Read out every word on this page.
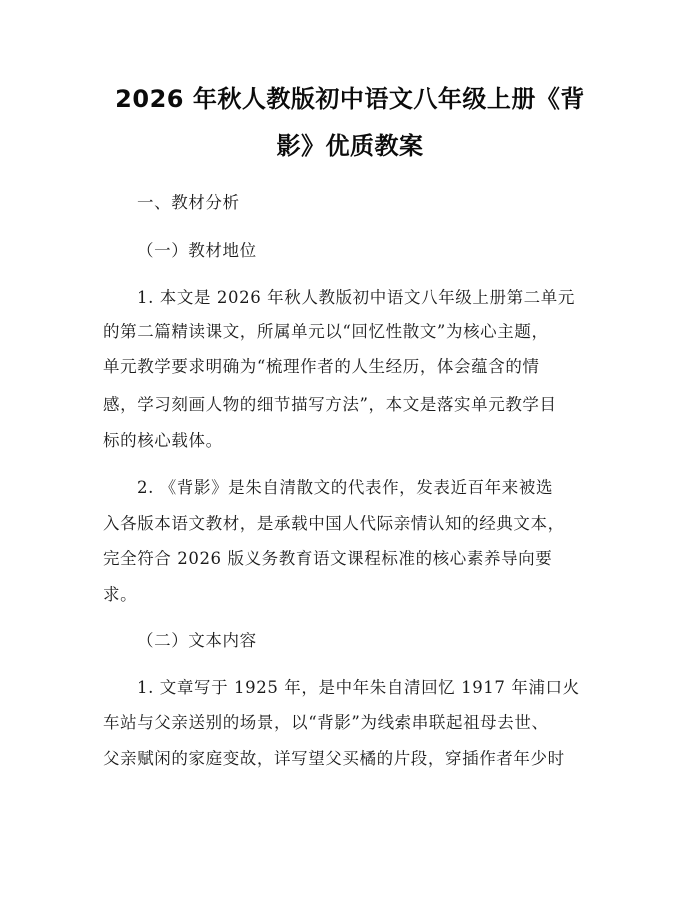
2026 年秋人教版初中语文八年级上册《背
影》优质教案
一、教材分析
（一）教材地位
1. 本文是 2026 年秋人教版初中语文八年级上册第二单元
的第二篇精读课文，所属单元以“回忆性散文”为核心主题，
单元教学要求明确为“梳理作者的人生经历，体会蕴含的情
感，学习刻画人物的细节描写方法”，本文是落实单元教学目
标的核心载体。
2. 《背影》是朱自清散文的代表作，发表近百年来被选
入各版本语文教材，是承载中国人代际亲情认知的经典文本，
完全符合 2026 版义务教育语文课程标准的核心素养导向要
求。
（二）文本内容
1. 文章写于 1925 年，是中年朱自清回忆 1917 年浦口火
车站与父亲送别的场景，以“背影”为线索串联起祖母去世、
父亲赋闲的家庭变故，详写望父买橘的片段，穿插作者年少时
